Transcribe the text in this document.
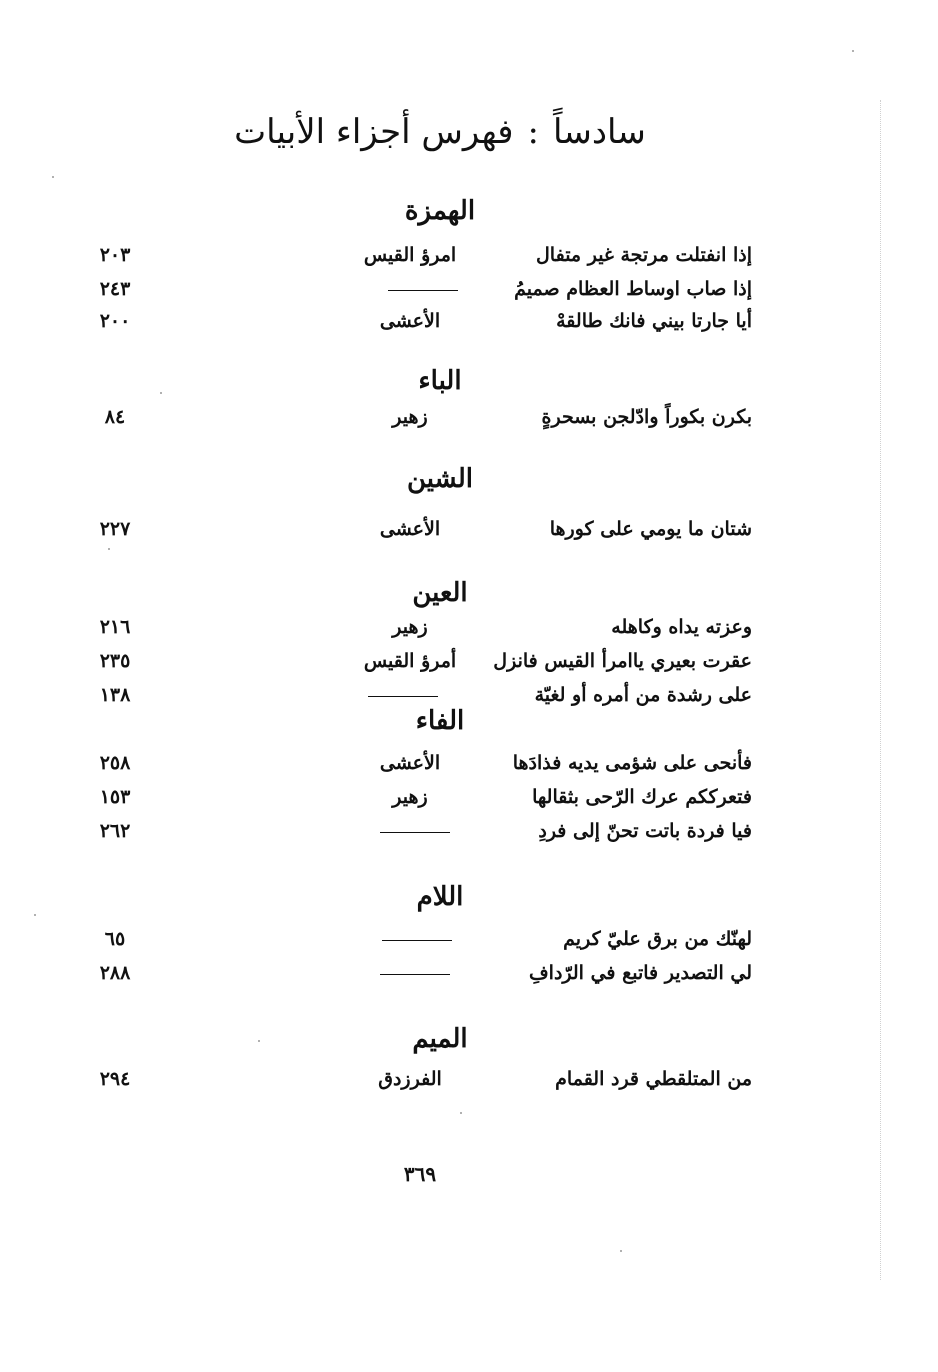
سادساً:فهرس أجزاء الأبيات
الهمزة
إذا انفتلت مرتجة غير متفال
امرؤ القيس
٢٠٣
إذا صاب اوساط العظام صميمُ
٢٤٣
أيا جارتا بيني فانك طالقهْ
الأعشى
٢٠٠
الباء
بكرن بكوراً وادّلجن بسحرةٍ
زهير
٨٤
الشين
شتان ما يومي على كورها
الأعشى
٢٢٧
العين
وعزته يداه وكاهله
زهير
٢١٦
عقرت بعيري ياامرأ القيس فانزل
أمرؤ القيس
٢٣٥
على رشدة من أمره أو لغيّة
١٣٨
الفاء
فأنحى على شؤمى يديه فذادَها
الأعشى
٢٥٨
فتعرككم عرك الرّحى بثقالها
زهير
١٥٣
فيا فردة باتت تحنّ إلى فردِ
٢٦٢
اللام
لهنّك من برق عليّ كريم
٦٥
لي التصدير فاتبع في الرّدافِ
٢٨٨
الميم
من المتلقطي قرد القمام
الفرزدق
٢٩٤
٣٦٩
